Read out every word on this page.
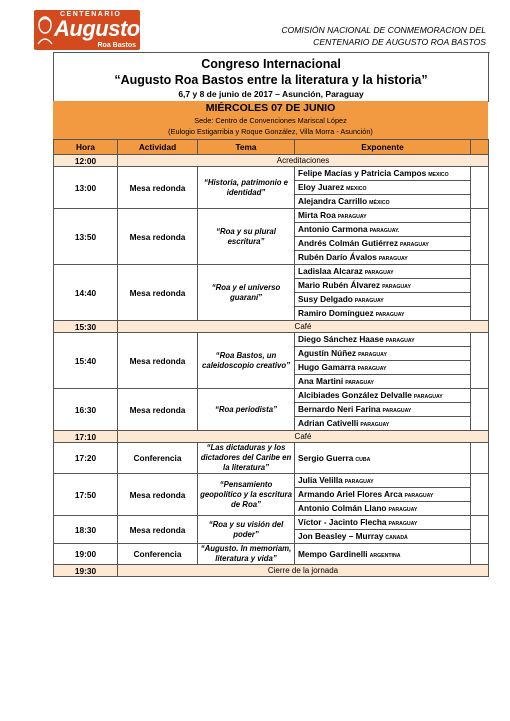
CENTENARIO
Augusto
Roa Bastos
COMISIÓN NACIONAL DE CONMEMORACION DEL
CENTENARIO DE AUGUSTO ROA BASTOS
Congreso Internacional
“Augusto Roa Bastos entre la literatura y la historia”
6,7 y 8 de junio de 2017 – Asunción, Paraguay
MIÉRCOLES 07 DE JUNIO
Sede: Centro de Convenciones Mariscal López
(Eulogio Estigarribia y Roque González, Villa Morra - Asunción)
Hora	Actividad	Tema	Exponente	
12:00	Acreditaciones			
13:00	Mesa redonda	“Historia, patrimonio e identidad”	Felipe Macías y Patricia Campos MEXICO
Eloy Juarez MEXICO
Alejandra Carrillo MÉXICO	

13:50	Mesa redonda	“Roa y su plural escritura”	Mirta Roa PARAGUAY
Antonio Carmona PARAGUAY.
Andrés Colmán Gutiérrez PARAGUAY
Rubén Darío Ávalos PARAGUAY	

14:40	Mesa redonda	“Roa y el universo guaraní”	Ladislaa Alcaraz PARAGUAY
Mario Rubén Álvarez PARAGUAY
Susy Delgado PARAGUAY
Ramiro Domínguez PARAGUAY	

15:30	Café			
15:40	Mesa redonda	“Roa Bastos, un caleidoscopio creativo”	Diego Sánchez Haase PARAGUAY
Agustín Núñez PARAGUAY
Hugo Gamarra PARAGUAY
Ana Martini PARAGUAY	

16:30	Mesa redonda	“Roa periodista”	Alcibiades González Delvalle PARAGUAY
Bernardo Neri Farina PARAGUAY
Adrian Cativelli PARAGUAY	

17:10	Café			
17:20	Conferencia	“Las dictaduras y los dictadores del Caribe en la literatura”	Sergio Guerra CUBA	

17:50	Mesa redonda	“Pensamiento geopolítico y la escritura de Roa”	Julia Velilla PARAGUAY
Armando Ariel Flores Arca PARAGUAY
Antonio Colmán Llano PARAGUAY	

18:30	Mesa redonda	“Roa y su visión del poder”	Víctor - Jacinto Flecha PARAGUAY
Jon Beasley – Murray CANADÁ	

19:00	Conferencia	“Augusto. In memoriam, literatura y vida”	Mempo Gardinelli ARGENTINA	

19:30	Cierre de la jornada			
